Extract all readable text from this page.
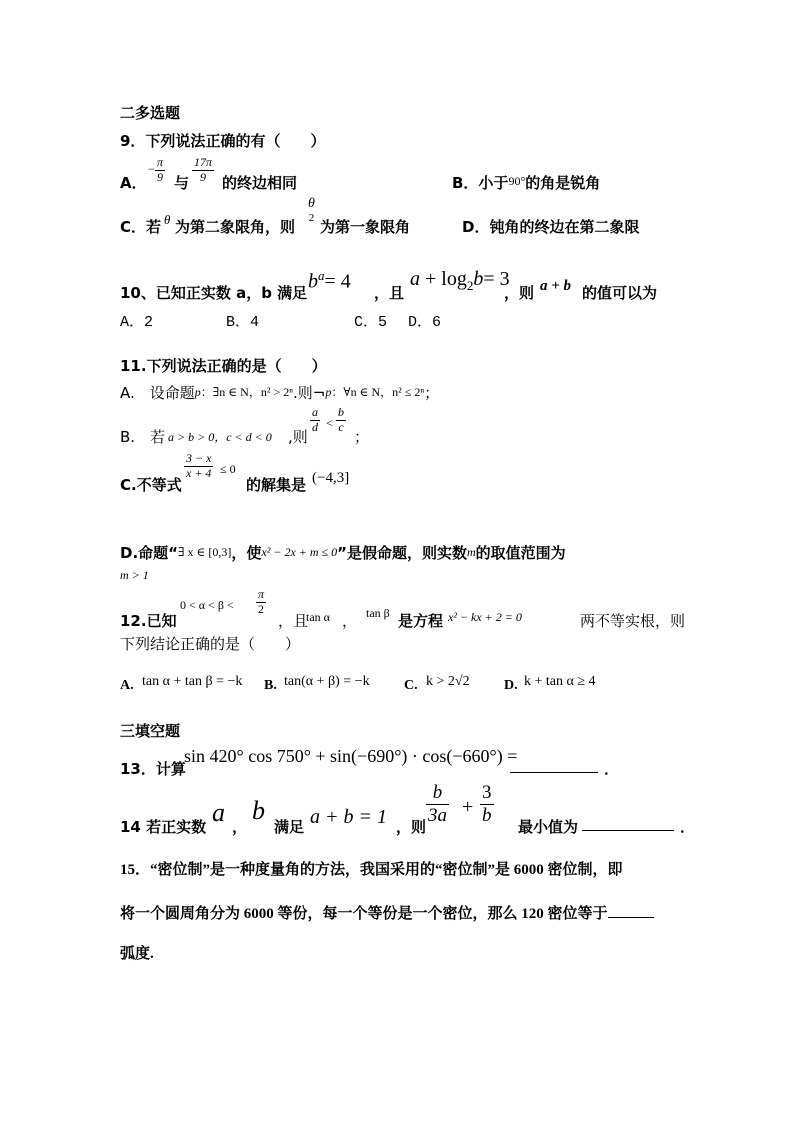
二多选题
9．下列说法正确的有（　　）
A．
− $\frac{\pi}{9}$ 与 $\frac{17\pi}{9}$ 的终边相同	B．小于$^{90^\circ}$的角是锐角
C．若 θ 为第二象限角，则
θ
2 为第一象限角	D．钝角的终边在第二象限
10、已知正实数 a，b 满足
$b^a= 4$
，且
$a + \log_2b= 3$
，则 a + b 的值可以为
A．2	B．4	C．5 D．6
11.下列说法正确的是（　　）
A.　设命题p：∃n ∈ N，n² > 2ⁿ.则¬p：∀n ∈ N，n² ≤ 2ⁿ；
B.　若 a > b > 0，c < d < 0 ,则
$\frac{a}{d} < \frac{b}{c}$
；
C.不等式
$\frac{3 - x}{x + 4} \le 0$
的解集是 (−4,3]
D.命题“∃ x ∈ [0,3]，使x² − 2x + m ≤ 0”是假命题，则实数m的取值范围为
m > 1
12.已知
$0 < \alpha < \beta < \frac{\pi}{2}$
，且
tan α ， tan β 是方程 x² − kx + 2 = 0	两不等实根，则
下列结论正确的是（　　）
A. tan α + tan β = −k B. tan(α + β) = −k C. k > 2√2 D. k + tan α ≥ 4
三填空题
13．计算
sin 420° cos 750° + sin(−690°) · cos(−660°) =
．
14 若正实数 a ，
b
满足 a + b = 1 ，则
$\frac{b}{3a} + \frac{3}{b}$
最小值为	．
15．“密位制”是一种度量角的方法，我国采用的“密位制”是 6000 密位制，即
将一个圆周角分为 6000 等份，每一个等份是一个密位，那么 120 密位等于
弧度.
